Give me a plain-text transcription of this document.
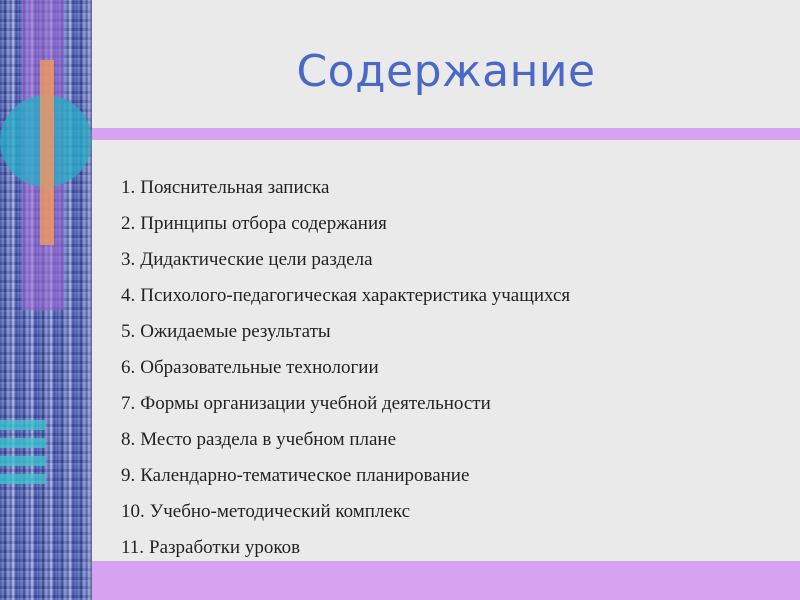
Содержание
1. Пояснительная записка
2. Принципы отбора содержания
3. Дидактические цели раздела
4. Психолого-педагогическая характеристика учащихся
5. Ожидаемые результаты
6. Образовательные технологии
7. Формы организации учебной деятельности
8. Место раздела в учебном плане
9. Календарно-тематическое планирование
10. Учебно-методический комплекс
11. Разработки уроков
